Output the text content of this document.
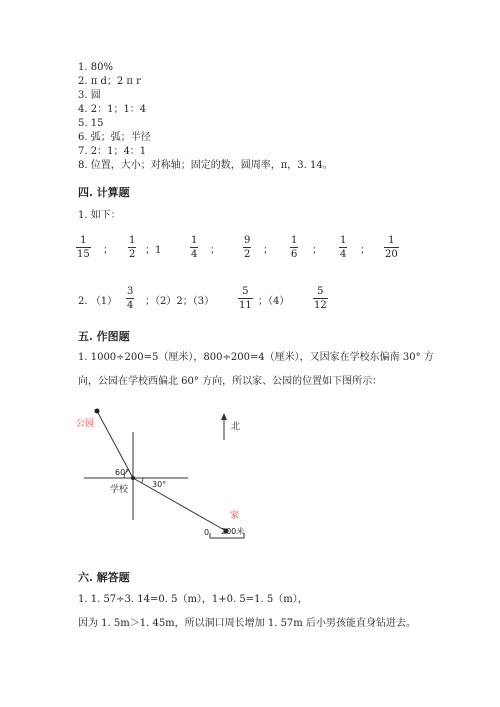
1. 80%
2. π d；2 π r
3. 圆
4. 2：1；1：4
5. 15
6. 弧；弧；半径
7. 2：1；4：1
8. 位置，大小；对称轴；固定的数，圆周率，π，3. 14。
四. 计算题
1. 如下：
1
15 ；
1
2 ；1
1
4 ；
9
2 ；
1
6 ；
1
4 ；
1
20
2. （1）
3
4 ；（2）2；（3）
5
11 ；（4）
5
12
五. 作图题
1. 1000÷200=5（厘米），800÷200=4（厘米），又因家在学校东偏南 30° 方
向，公园在学校西偏北 60° 方向，所以家、公园的位置如下图所示：
公园
学校
家
北
60°
30°
0 200米
六. 解答题
1. 1. 57÷3. 14=0. 5（m），1+0. 5=1. 5（m），
因为 1. 5m＞1. 45m，所以洞口周长增加 1. 57m 后小男孩能直身钻进去。
